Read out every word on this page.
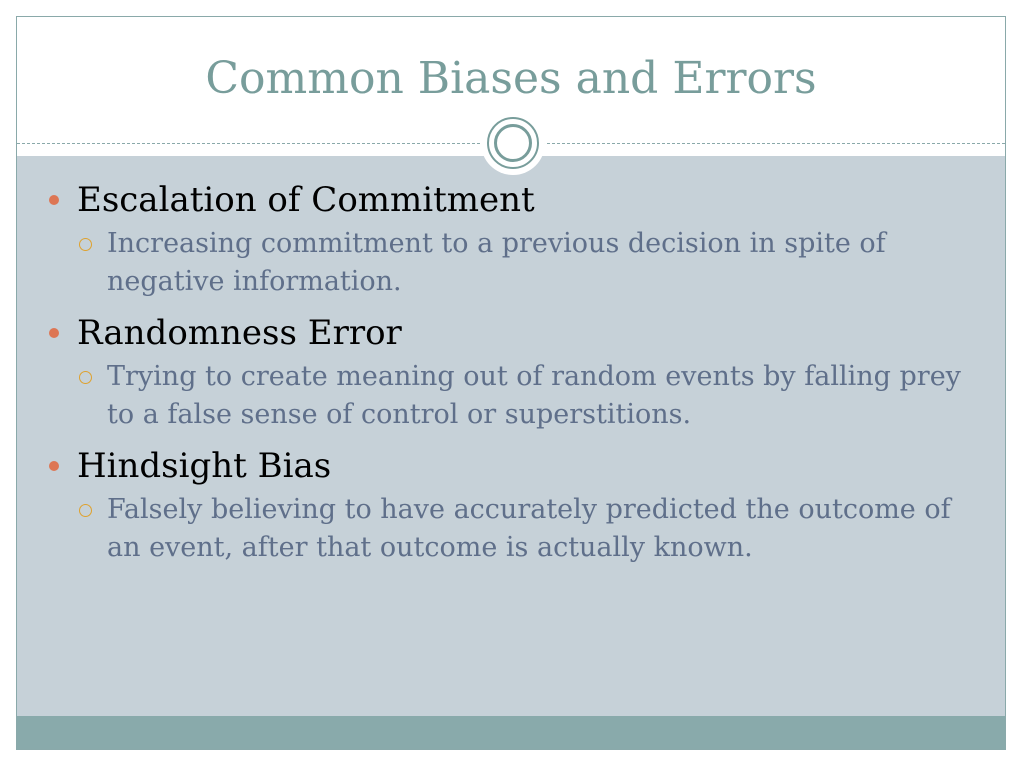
Common Biases and Errors
Escalation of Commitment
Increasing commitment to a previous decision in spite of negative information.
Randomness Error
Trying to create meaning out of random events by falling prey to a false sense of control or superstitions.
Hindsight Bias
Falsely believing to have accurately predicted the outcome of an event, after that outcome is actually known.
